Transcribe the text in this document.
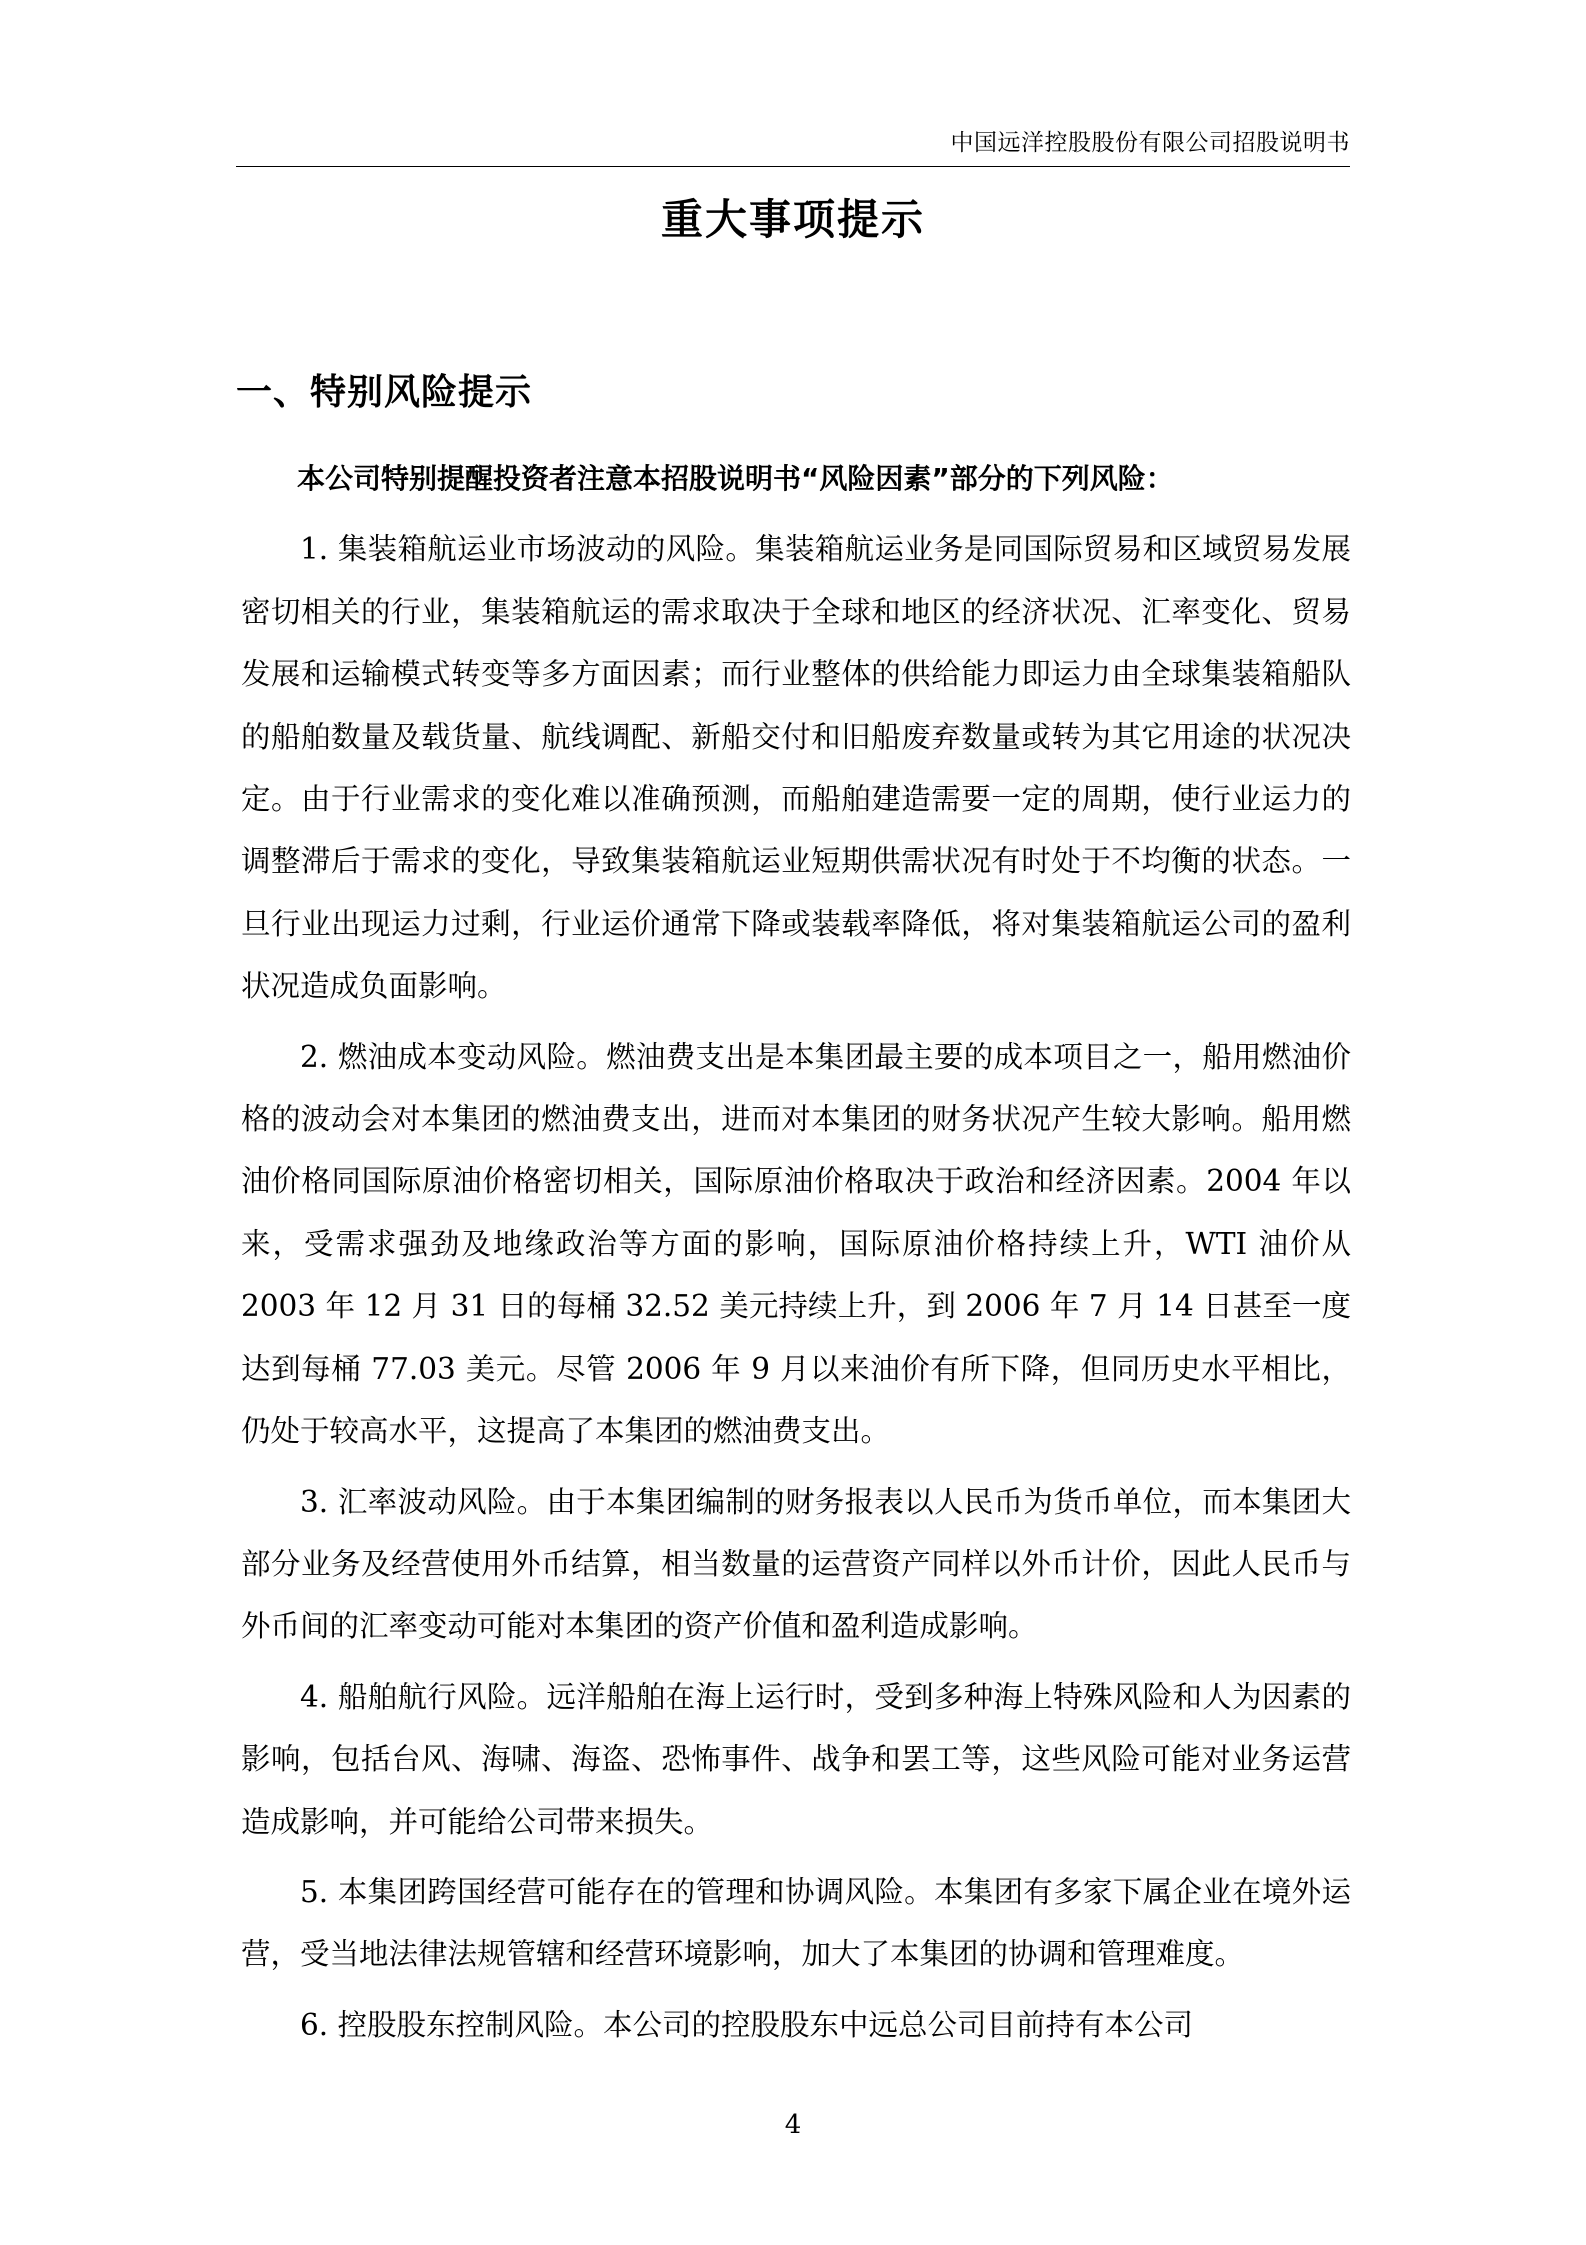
中国远洋控股股份有限公司招股说明书
重大事项提示
一、特别风险提示

本公司特别提醒投资者注意本招股说明书“风险因素”部分的下列风险：

1. 集装箱航运业市场波动的风险。集装箱航运业务是同国际贸易和区域贸易发展密切相关的行业，集装箱航运的需求取决于全球和地区的经济状况、汇率变化、贸易发展和运输模式转变等多方面因素；而行业整体的供给能力即运力由全球集装箱船队的船舶数量及载货量、航线调配、新船交付和旧船废弃数量或转为其它用途的状况决定。由于行业需求的变化难以准确预测，而船舶建造需要一定的周期，使行业运力的调整滞后于需求的变化，导致集装箱航运业短期供需状况有时处于不均衡的状态。一旦行业出现运力过剩，行业运价通常下降或装载率降低，将对集装箱航运公司的盈利状况造成负面影响。

2. 燃油成本变动风险。燃油费支出是本集团最主要的成本项目之一，船用燃油价格的波动会对本集团的燃油费支出，进而对本集团的财务状况产生较大影响。船用燃油价格同国际原油价格密切相关，国际原油价格取决于政治和经济因素。2004 年以来，受需求强劲及地缘政治等方面的影响，国际原油价格持续上升，WTI 油价从 2003 年 12 月 31 日的每桶 32.52 美元持续上升，到 2006 年 7 月 14 日甚至一度达到每桶 77.03 美元。尽管 2006 年 9 月以来油价有所下降，但同历史水平相比，仍处于较高水平，这提高了本集团的燃油费支出。

3. 汇率波动风险。由于本集团编制的财务报表以人民币为货币单位，而本集团大部分业务及经营使用外币结算，相当数量的运营资产同样以外币计价，因此人民币与外币间的汇率变动可能对本集团的资产价值和盈利造成影响。

4. 船舶航行风险。远洋船舶在海上运行时，受到多种海上特殊风险和人为因素的影响，包括台风、海啸、海盗、恐怖事件、战争和罢工等，这些风险可能对业务运营造成影响，并可能给公司带来损失。

5. 本集团跨国经营可能存在的管理和协调风险。本集团有多家下属企业在境外运营，受当地法律法规管辖和经营环境影响，加大了本集团的协调和管理难度。

6. 控股股东控制风险。本公司的控股股东中远总公司目前持有本公司

4
